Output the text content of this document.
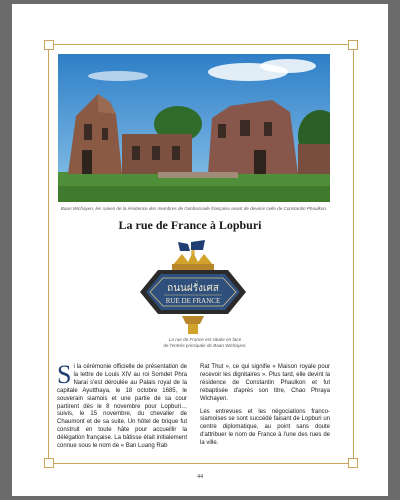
Baan Wichayen, les ruines de la résidence des membres de l'ambassade française avant de devenir celle de Constantin Phaulkon.
La rue de France à Lopburi
ถนนฝรั่งเศส
RUE DE FRANCE
La rue de France est située en face
de l'entrée principale de Baan Wichayen.

Si la cérémonie officielle de présentation de la lettre de Louis XIV au roi Somdet Phra Narai s'est déroulée au Palais royal de la capitale Ayutthaya, le 18 octobre 1685, le souverain siamois et une partie de sa cour partirent dès le 8 novembre pour Lopburi… suivis, le 15 novembre, du chevalier de Chaumont et de sa suite. Un hôtel de brique fut construit en toute hâte pour accueillir la délégation française. La bâtisse était initialement connue sous le nom de « Ban Luang Rab

Rat Thut », ce qui signifie « Maison royale pour recevoir les dignitaires ». Plus tard, elle devint la résidence de Constantin Phaulkon et fut rebaptisée d'après son titre, Chao Phraya Wichayen.

Les entrevues et les négociations franco-siamoises se sont succédé faisant de Lopburi un centre diplomatique, au point sans doute d'attribuer le nom de France à l'une des rues de la ville.

44
